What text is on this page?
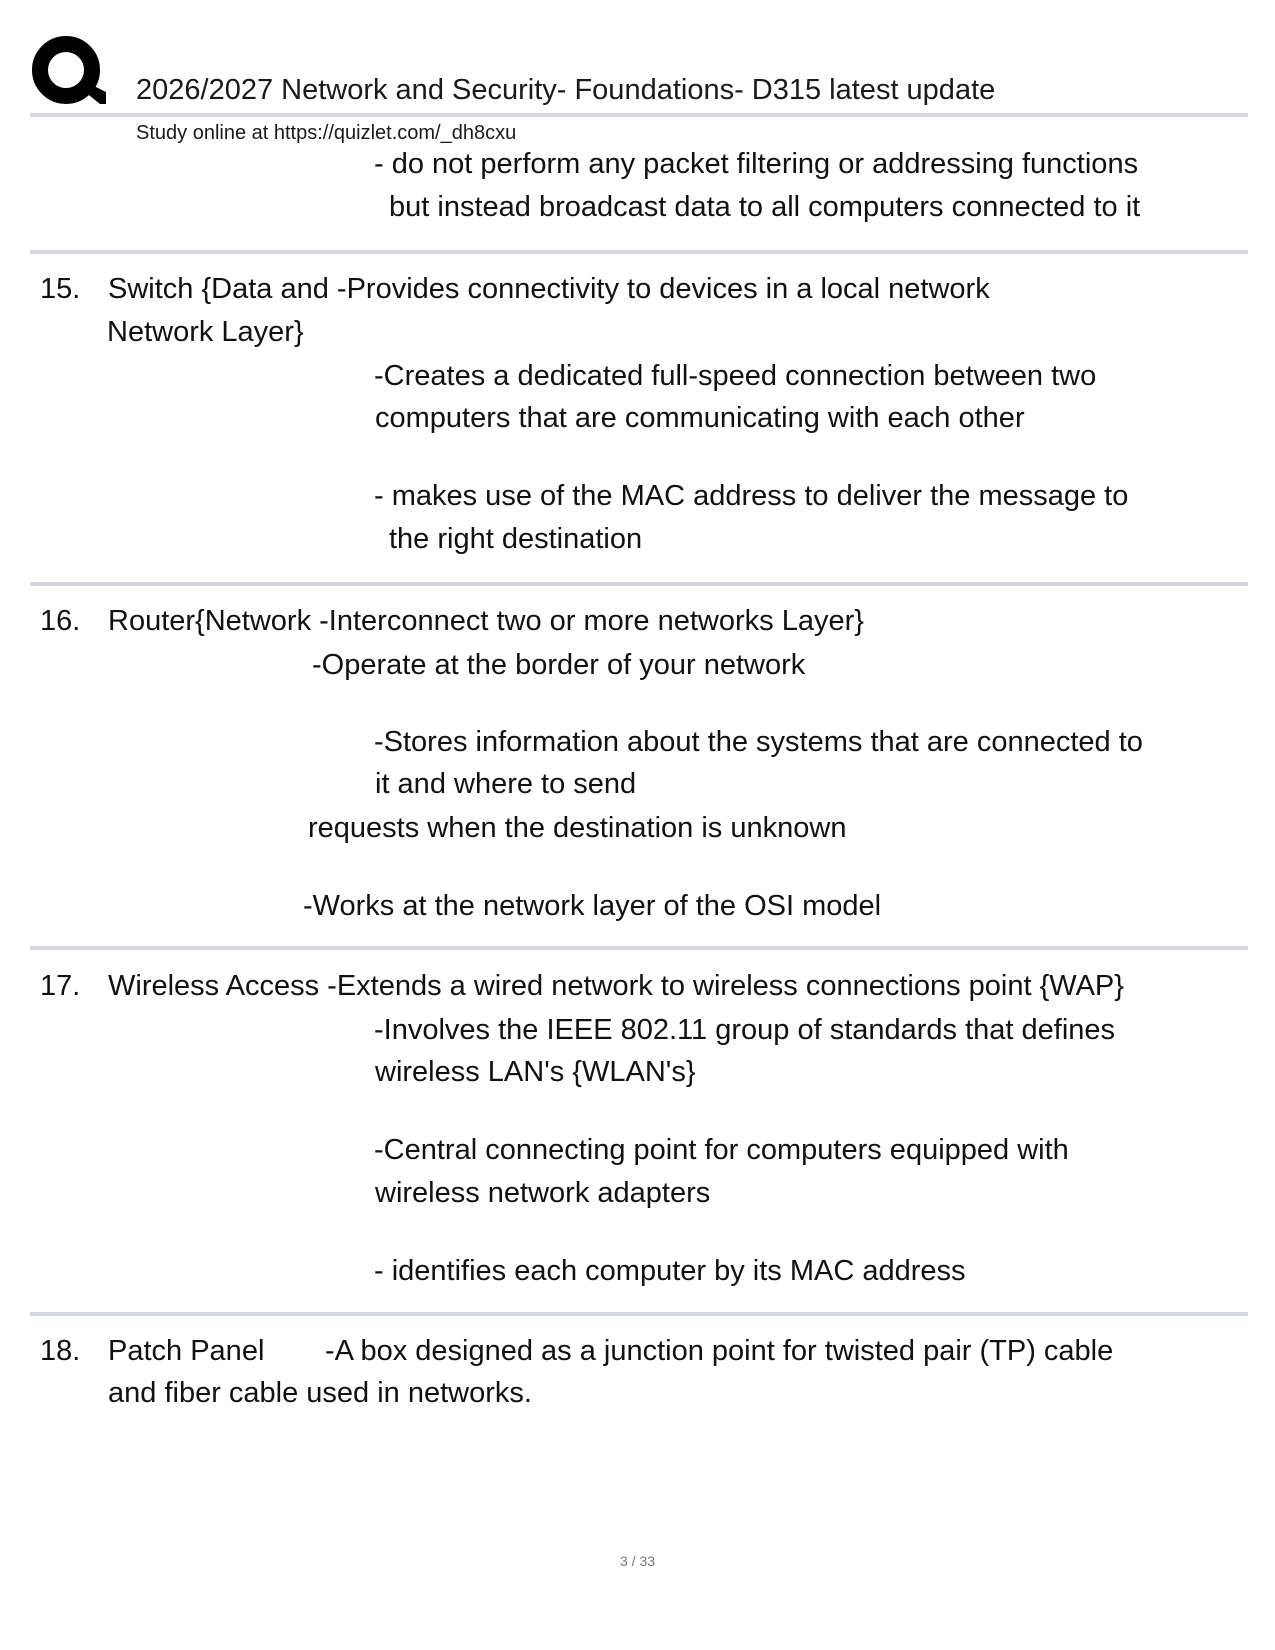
2026/2027 Network and Security- Foundations- D315 latest update
Study online at https://quizlet.com/_dh8cxu
- do not perform any packet filtering or addressing functions
but instead broadcast data to all computers connected to it
15. Switch {Data and -Provides connectivity to devices in a local network
Network Layer}
-Creates a dedicated full-speed connection between two
computers that are communicating with each other
- makes use of the MAC address to deliver the message to
the right destination
16. Router{Network -Interconnect two or more networks Layer}
-Operate at the border of your network
-Stores information about the systems that are connected to
it and where to send
requests when the destination is unknown
-Works at the network layer of the OSI model
17. Wireless Access -Extends a wired network to wireless connections point {WAP}
-Involves the IEEE 802.11 group of standards that defines
wireless LAN's {WLAN's}
-Central connecting point for computers equipped with
wireless network adapters
- identifies each computer by its MAC address
18. Patch Panel -A box designed as a junction point for twisted pair (TP) cable
and fiber cable used in networks.
3 / 33
